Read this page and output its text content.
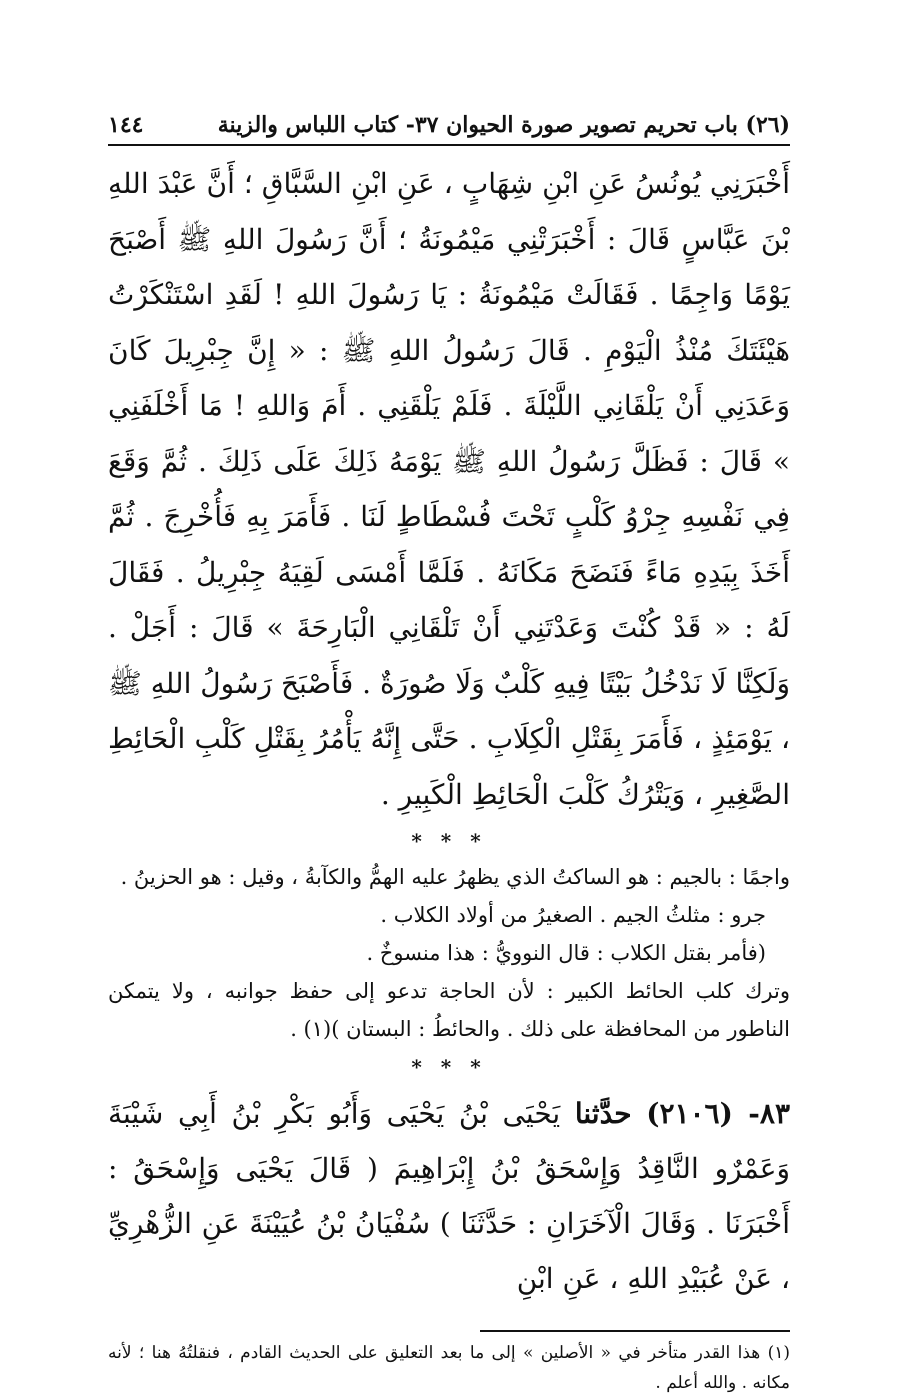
(٢٦) باب تحريم تصوير صورة الحيوان ٣٧- كتاب اللباس والزينة
١٤٤
أَخْبَرَنِي يُونُسُ عَنِ ابْنِ شِهَابٍ ، عَنِ ابْنِ السَّبَّاقِ ؛ أَنَّ عَبْدَ اللهِ بْنَ عَبَّاسٍ قَالَ : أَخْبَرَتْنِي مَيْمُونَةُ ؛ أَنَّ رَسُولَ اللهِ ﷺ أَصْبَحَ يَوْمًا وَاجِمًا . فَقَالَتْ مَيْمُونَةُ : يَا رَسُولَ اللهِ ! لَقَدِ اسْتَنْكَرْتُ هَيْئَتَكَ مُنْذُ الْيَوْمِ . قَالَ رَسُولُ اللهِ ﷺ : « إِنَّ جِبْرِيلَ كَانَ وَعَدَنِي أَنْ يَلْقَانِي اللَّيْلَةَ . فَلَمْ يَلْقَنِي . أَمَ وَاللهِ ! مَا أَخْلَفَنِي » قَالَ : فَظَلَّ رَسُولُ اللهِ ﷺ يَوْمَهُ ذَلِكَ عَلَى ذَلِكَ . ثُمَّ وَقَعَ فِي نَفْسِهِ جِرْوُ كَلْبٍ تَحْتَ فُسْطَاطٍ لَنَا . فَأَمَرَ بِهِ فَأُخْرِجَ . ثُمَّ أَخَذَ بِيَدِهِ مَاءً فَنَضَحَ مَكَانَهُ . فَلَمَّا أَمْسَى لَقِيَهُ جِبْرِيلُ . فَقَالَ لَهُ : « قَدْ كُنْتَ وَعَدْتَنِي أَنْ تَلْقَانِي الْبَارِحَةَ » قَالَ : أَجَلْ . وَلَكِنَّا لَا نَدْخُلُ بَيْتًا فِيهِ كَلْبٌ وَلَا صُورَةٌ . فَأَصْبَحَ رَسُولُ اللهِ ﷺ ، يَوْمَئِذٍ ، فَأَمَرَ بِقَتْلِ الْكِلَابِ . حَتَّى إِنَّهُ يَأْمُرُ بِقَتْلِ كَلْبِ الْحَائِطِ الصَّغِيرِ ، وَيَتْرُكُ كَلْبَ الْحَائِطِ الْكَبِيرِ .
* * *

واجمًا : بالجيم : هو الساكتُ الذي يظهرُ عليه الهمُّ والكآبةُ ، وقيل : هو الحزينُ .

جرو : مثلثُ الجيم . الصغيرُ من أولاد الكلاب .

(فأمر بقتل الكلاب : قال النوويُّ : هذا منسوخٌ .

وترك كلب الحائط الكبير : لأن الحاجة تدعو إلى حفظ جوانبه ، ولا يتمكن الناطور من المحافظة على ذلك . والحائطُ : البستان )(١) .

* * *
٨٣- (٢١٠٦) حدَّثنا يَحْيَى بْنُ يَحْيَى وَأَبُو بَكْرِ بْنُ أَبِي شَيْبَةَ وَعَمْرٌو النَّاقِدُ وَإِسْحَقُ بْنُ إِبْرَاهِيمَ ( قَالَ يَحْيَى وَإِسْحَقُ : أَخْبَرَنَا . وَقَالَ الْآخَرَانِ : حَدَّثَنَا ) سُفْيَانُ بْنُ عُيَيْنَةَ عَنِ الزُّهْرِيِّ ، عَنْ عُبَيْدِ اللهِ ، عَنِ ابْنِ
(١) هذا القدر متأخر في « الأصلين » إلى ما بعد التعليق على الحديث القادم ، فنقلتُهُ هنا ؛ لأنه مكانه . والله أعلم .
